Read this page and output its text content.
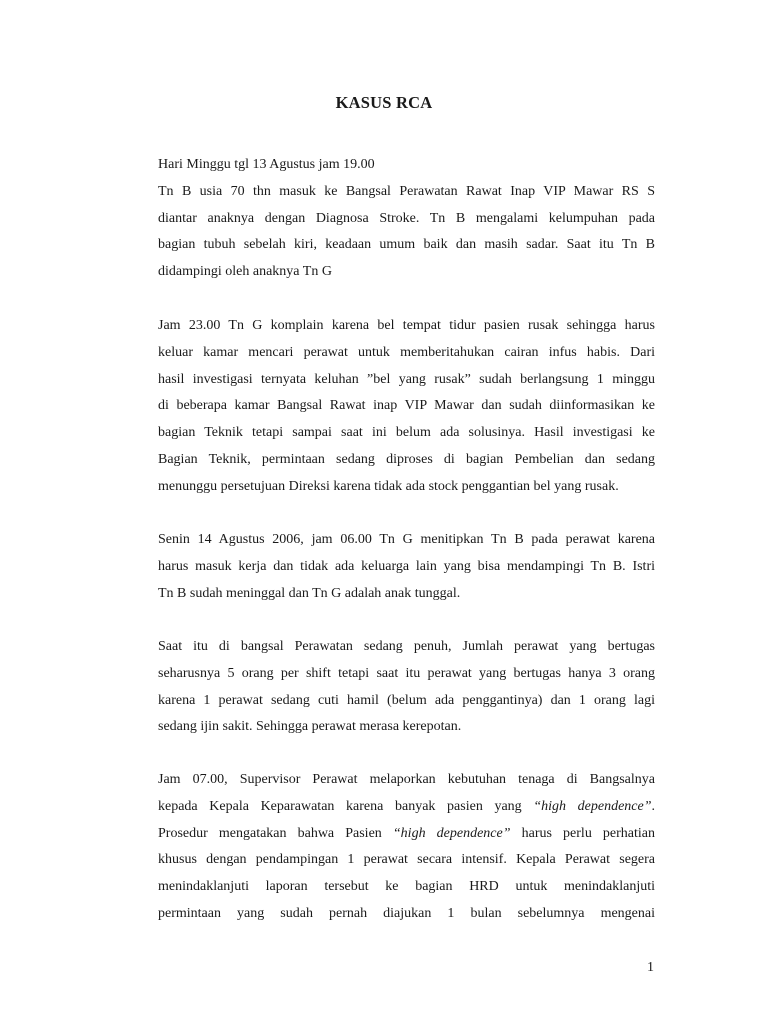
KASUS RCA
Hari Minggu tgl 13 Agustus jam 19.00
Tn B usia 70 thn masuk ke Bangsal Perawatan Rawat Inap VIP Mawar RS S
diantar anaknya dengan Diagnosa Stroke. Tn B mengalami kelumpuhan pada
bagian tubuh sebelah kiri, keadaan umum baik dan masih sadar. Saat itu Tn B
didampingi oleh anaknya Tn G
Jam 23.00 Tn G komplain karena bel tempat tidur pasien rusak sehingga harus
keluar kamar mencari perawat untuk memberitahukan cairan infus habis. Dari
hasil investigasi ternyata keluhan ”bel yang rusak” sudah berlangsung 1 minggu
di beberapa kamar Bangsal Rawat inap VIP Mawar dan sudah diinformasikan ke
bagian Teknik tetapi sampai saat ini belum ada solusinya. Hasil investigasi ke
Bagian Teknik, permintaan sedang diproses di bagian Pembelian dan sedang
menunggu persetujuan Direksi karena tidak ada stock penggantian bel yang rusak.
Senin 14 Agustus 2006, jam 06.00 Tn G menitipkan Tn B pada perawat karena
harus masuk kerja dan tidak ada keluarga lain yang bisa mendampingi Tn B. Istri
Tn B sudah meninggal dan Tn G adalah anak tunggal.
Saat itu di bangsal Perawatan sedang penuh, Jumlah perawat yang bertugas
seharusnya 5 orang per shift tetapi saat itu perawat yang bertugas hanya 3 orang
karena 1 perawat sedang cuti hamil (belum ada penggantinya) dan 1 orang lagi
sedang ijin sakit. Sehingga perawat merasa kerepotan.
Jam 07.00, Supervisor Perawat melaporkan kebutuhan tenaga di Bangsalnya
kepada Kepala Keparawatan karena banyak pasien yang “high dependence”.
Prosedur mengatakan bahwa Pasien “high dependence” harus perlu perhatian
khusus dengan pendampingan 1 perawat secara intensif. Kepala Perawat segera
menindaklanjuti laporan tersebut ke bagian HRD untuk menindaklanjuti
permintaan yang sudah pernah diajukan 1 bulan sebelumnya mengenai
1
